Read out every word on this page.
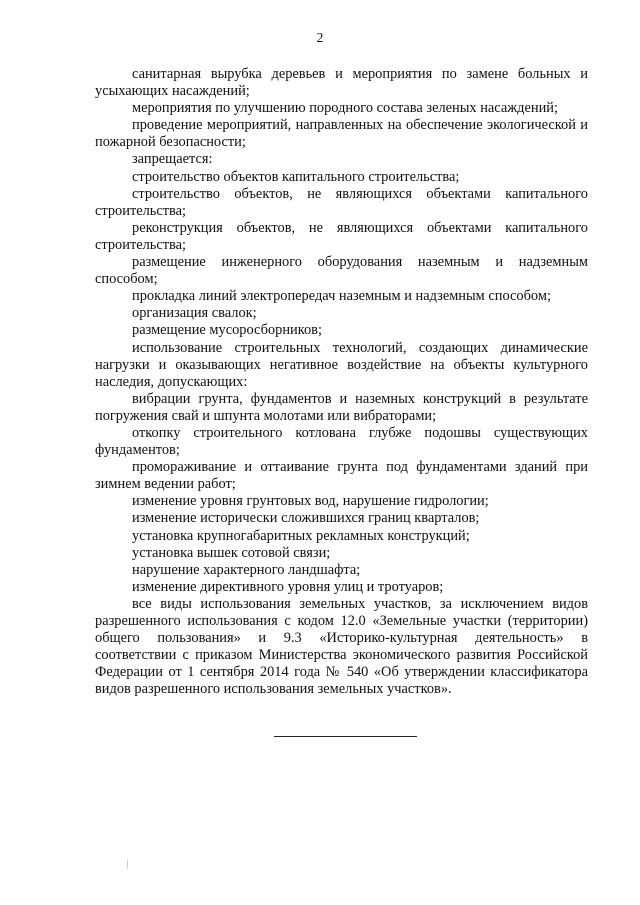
2

санитарная вырубка деревьев и мероприятия по замене больных и усыхающих насаждений;

мероприятия по улучшению породного состава зеленых насаждений;

проведение мероприятий, направленных на обеспечение экологической и пожарной безопасности;

запрещается:

строительство объектов капитального строительства;

строительство объектов, не являющихся объектами капитального строительства;

реконструкция объектов, не являющихся объектами капитального строительства;

размещение инженерного оборудования наземным и надземным способом;

прокладка линий электропередач наземным и надземным способом;

организация свалок;

размещение мусоросборников;

использование строительных технологий, создающих динамические нагрузки и оказывающих негативное воздействие на объекты культурного наследия, допускающих:

вибрации грунта, фундаментов и наземных конструкций в результате погружения свай и шпунта молотами или вибраторами;

откопку строительного котлована глубже подошвы существующих фундаментов;

промораживание и оттаивание грунта под фундаментами зданий при зимнем ведении работ;

изменение уровня грунтовых вод, нарушение гидрологии;

изменение исторически сложившихся границ кварталов;

установка крупногабаритных рекламных конструкций;

установка вышек сотовой связи;

нарушение характерного ландшафта;

изменение директивного уровня улиц и тротуаров;

все виды использования земельных участков, за исключением видов разрешенного использования с кодом 12.0 «Земельные участки (территории) общего пользования» и 9.3 «Историко-культурная деятельность» в соответствии с приказом Министерства экономического развития Российской Федерации от 1 сентября 2014 года № 540 «Об утверждении классификатора видов разрешенного использования земельных участков».
